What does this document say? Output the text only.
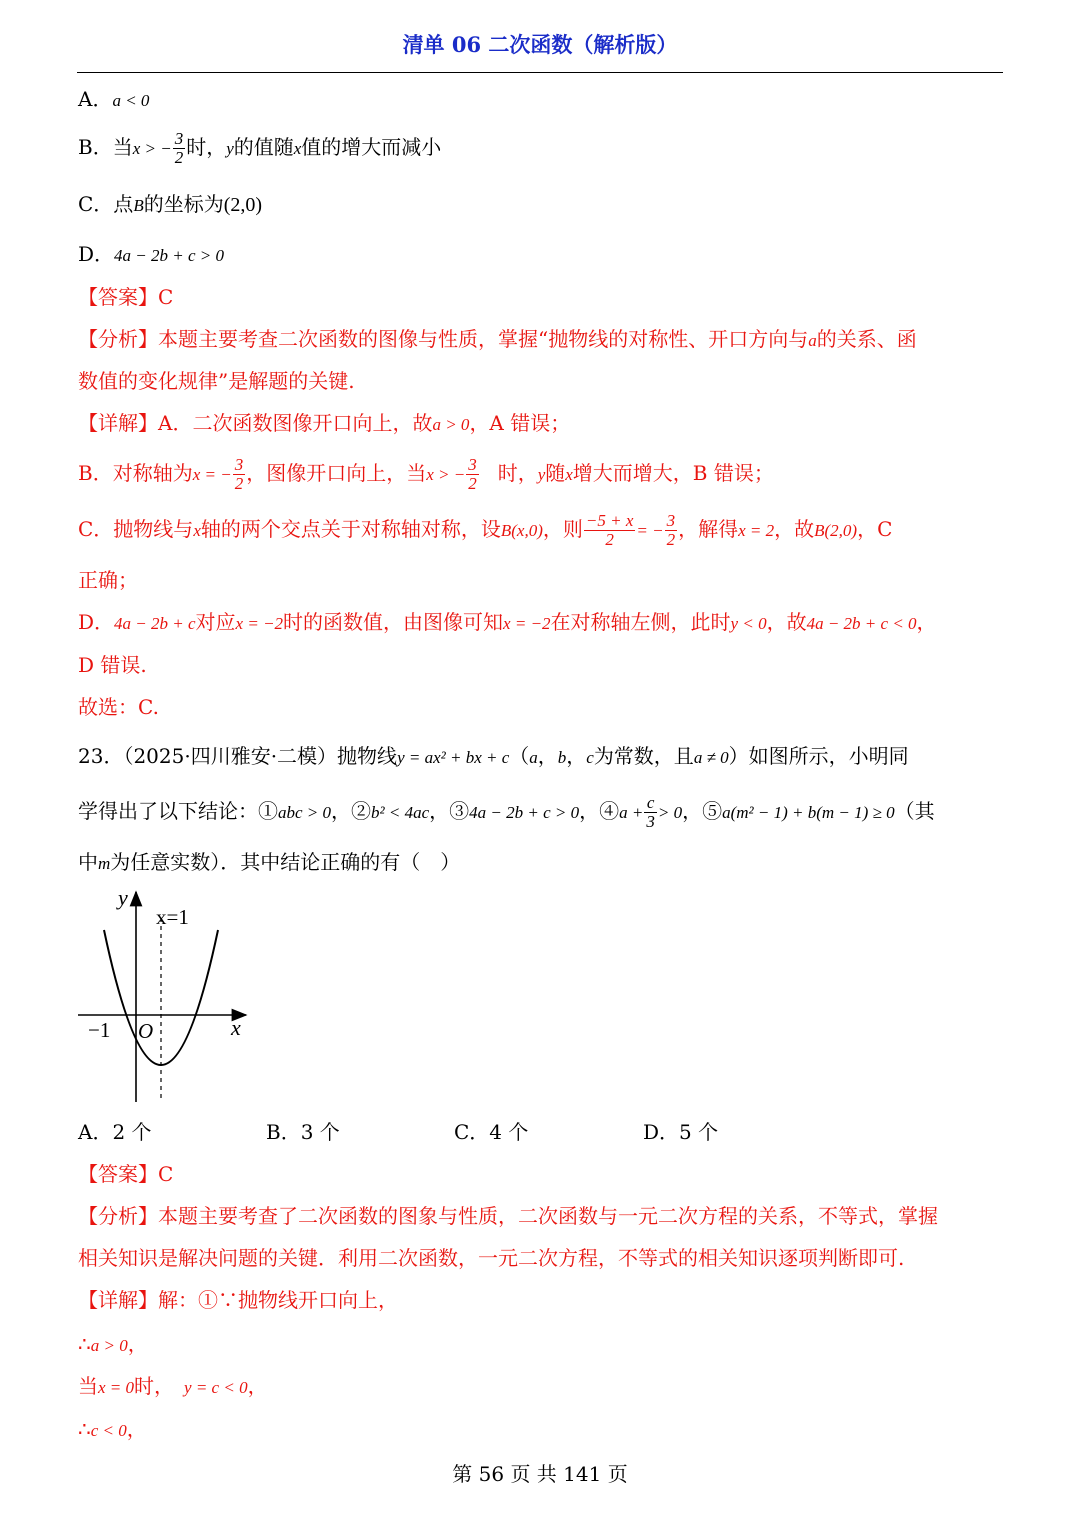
清单 06 二次函数（解析版）
A．a < 0
B．当x > − $\frac{3}{2}$ 时，y的值随x值的增大而减小
C．点B的坐标为(2,0)
D．4a − 2b + c > 0
【答案】C
【分析】本题主要考查二次函数的图像与性质，掌握“抛物线的对称性、开口方向与a的关系、函
数值的变化规律”是解题的关键.
【详解】A．二次函数图像开口向上，故a > 0，A 错误；
B．对称轴为x = − $\frac{3}{2}$ ，图像开口向上，当x > − $\frac{3}{2}$ 时，y随x增大而增大，B 错误；
C．抛物线与x轴的两个交点关于对称轴对称，设B(x,0)，则 $\frac{-5 + x}{2}$ = − $\frac{3}{2}$ ，解得x = 2，故B(2,0)，C
正确；
D．4a − 2b + c对应x = −2时的函数值，由图像可知x = −2在对称轴左侧，此时y < 0，故4a − 2b + c < 0，
D 错误.
故选：C.
23．（2025·四川雅安·二模）抛物线y = ax² + bx + c（a，b，c为常数，且a ≠ 0）如图所示，小明同
学得出了以下结论：①abc > 0，②b² < 4ac，③4a − 2b + c > 0，④a + $\frac{c}{3} > 0$，⑤a(m² − 1) + b(m − 1) ≥ 0（其
中m为任意实数）．其中结论正确的有（　）
y
x
x=1
−1 O
A．2 个	B．3 个	C．4 个	D．5 个
【答案】C
【分析】本题主要考查了二次函数的图象与性质，二次函数与一元二次方程的关系，不等式，掌握
相关知识是解决问题的关键．利用二次函数，一元二次方程，不等式的相关知识逐项判断即可.
【详解】解：①∵抛物线开口向上，
∴a > 0，
当x = 0时， y = c < 0，
∴c < 0，
第 56 页 共 141 页
